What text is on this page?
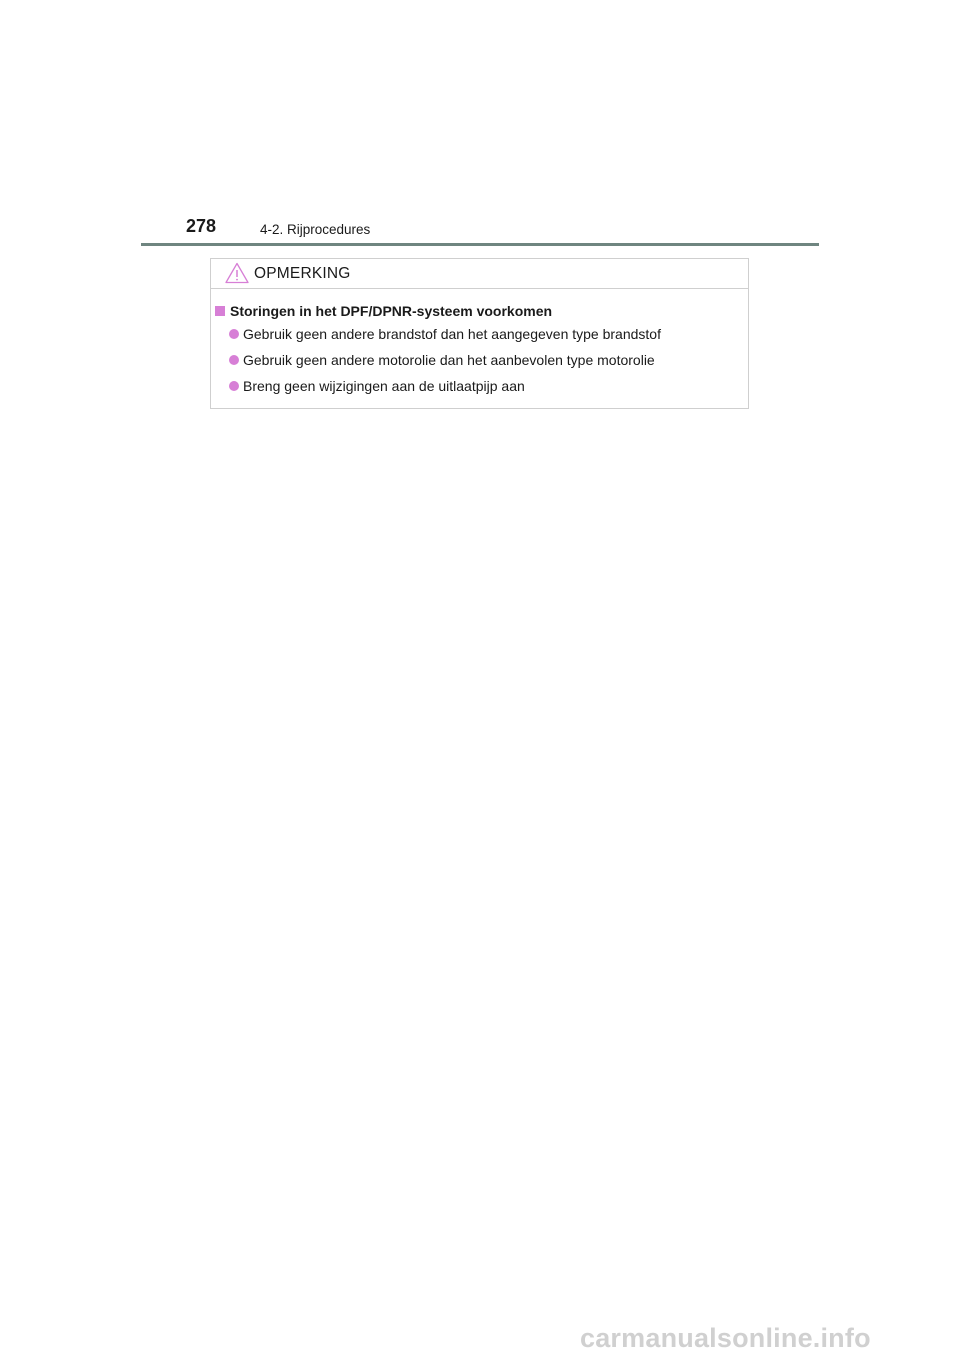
278	4-2. Rijprocedures
OPMERKING
Storingen in het DPF/DPNR-systeem voorkomen
Gebruik geen andere brandstof dan het aangegeven type brandstof
Gebruik geen andere motorolie dan het aanbevolen type motorolie
Breng geen wijzigingen aan de uitlaatpijp aan
carmanualsonline.info
